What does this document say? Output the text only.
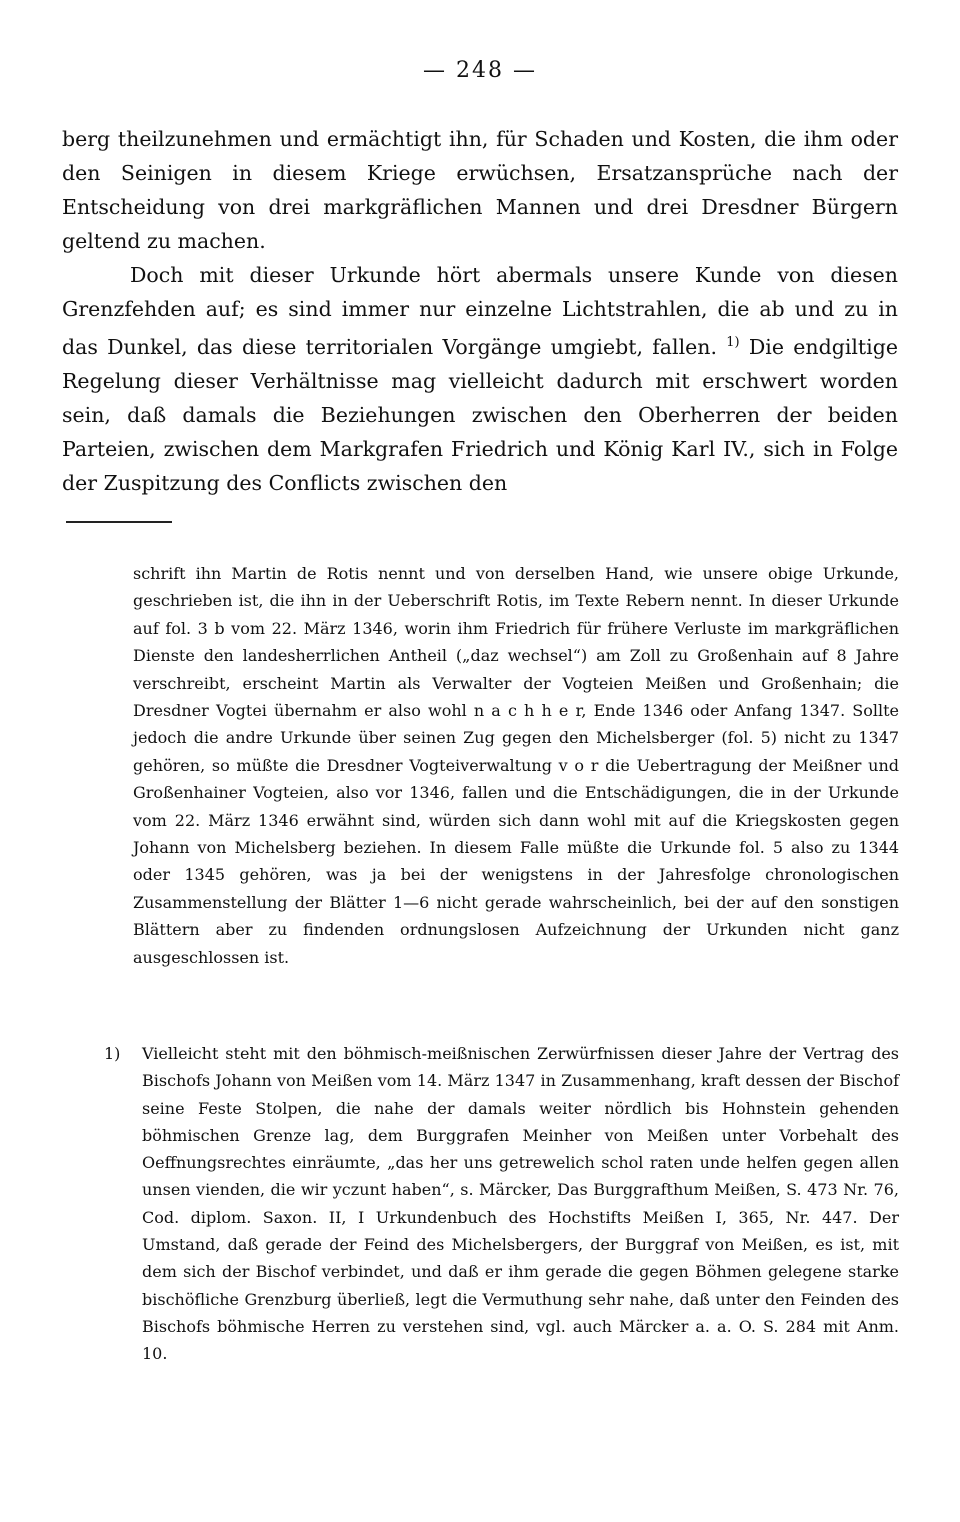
— 248 —

berg theilzunehmen und ermächtigt ihn, für Schaden und Kosten, die ihm oder den Seinigen in diesem Kriege erwüchsen, Ersatzansprüche nach der Entscheidung von drei markgräflichen Mannen und drei Dresdner Bürgern geltend zu machen.

Doch mit dieser Urkunde hört abermals unsere Kunde von diesen Grenzfehden auf; es sind immer nur einzelne Lichtstrahlen, die ab und zu in das Dunkel, das diese territorialen Vorgänge umgiebt, fallen. $^{1)}$ Die endgiltige Regelung dieser Verhältnisse mag vielleicht dadurch mit erschwert worden sein, daß damals die Beziehungen zwischen den Oberherren der beiden Parteien, zwischen dem Markgrafen Friedrich und König Karl IV., sich in Folge der Zuspitzung des Conflicts zwischen den

schrift ihn Martin de Rotis nennt und von derselben Hand, wie unsere obige Urkunde, geschrieben ist, die ihn in der Ueberschrift Rotis, im Texte Rebern nennt. In dieser Urkunde auf fol. 3 b vom 22. März 1346, worin ihm Friedrich für frühere Verluste im markgräflichen Dienste den landesherrlichen Antheil („daz wechsel“) am Zoll zu Großenhain auf 8 Jahre verschreibt, erscheint Martin als Verwalter der Vogteien Meißen und Großenhain; die Dresdner Vogtei übernahm er also wohl n a c h h e r, Ende 1346 oder Anfang 1347. Sollte jedoch die andre Urkunde über seinen Zug gegen den Michelsberger (fol. 5) nicht zu 1347 gehören, so müßte die Dresdner Vogteiverwaltung v o r die Uebertragung der Meißner und Großenhainer Vogteien, also vor 1346, fallen und die Entschädigungen, die in der Urkunde vom 22. März 1346 erwähnt sind, würden sich dann wohl mit auf die Kriegskosten gegen Johann von Michelsberg beziehen. In diesem Falle müßte die Urkunde fol. 5 also zu 1344 oder 1345 gehören, was ja bei der wenigstens in der Jahresfolge chronologischen Zusammenstellung der Blätter 1—6 nicht gerade wahrscheinlich, bei der auf den sonstigen Blättern aber zu findenden ordnungslosen Aufzeichnung der Urkunden nicht ganz ausgeschlossen ist.

1) Vielleicht steht mit den böhmisch-meißnischen Zerwürfnissen dieser Jahre der Vertrag des Bischofs Johann von Meißen vom 14. März 1347 in Zusammenhang, kraft dessen der Bischof seine Feste Stolpen, die nahe der damals weiter nördlich bis Hohnstein gehenden böhmischen Grenze lag, dem Burggrafen Meinher von Meißen unter Vorbehalt des Oeffnungsrechtes einräumte, „das her uns getrewelich schol raten unde helfen gegen allen unsen vienden, die wir yczunt haben“, s. Märcker, Das Burggrafthum Meißen, S. 473 Nr. 76, Cod. diplom. Saxon. II, I Urkundenbuch des Hochstifts Meißen I, 365, Nr. 447. Der Umstand, daß gerade der Feind des Michelsbergers, der Burggraf von Meißen, es ist, mit dem sich der Bischof verbindet, und daß er ihm gerade die gegen Böhmen gelegene starke bischöfliche Grenzburg überließ, legt die Vermuthung sehr nahe, daß unter den Feinden des Bischofs böhmische Herren zu verstehen sind, vgl. auch Märcker a. a. O. S. 284 mit Anm. 10.
